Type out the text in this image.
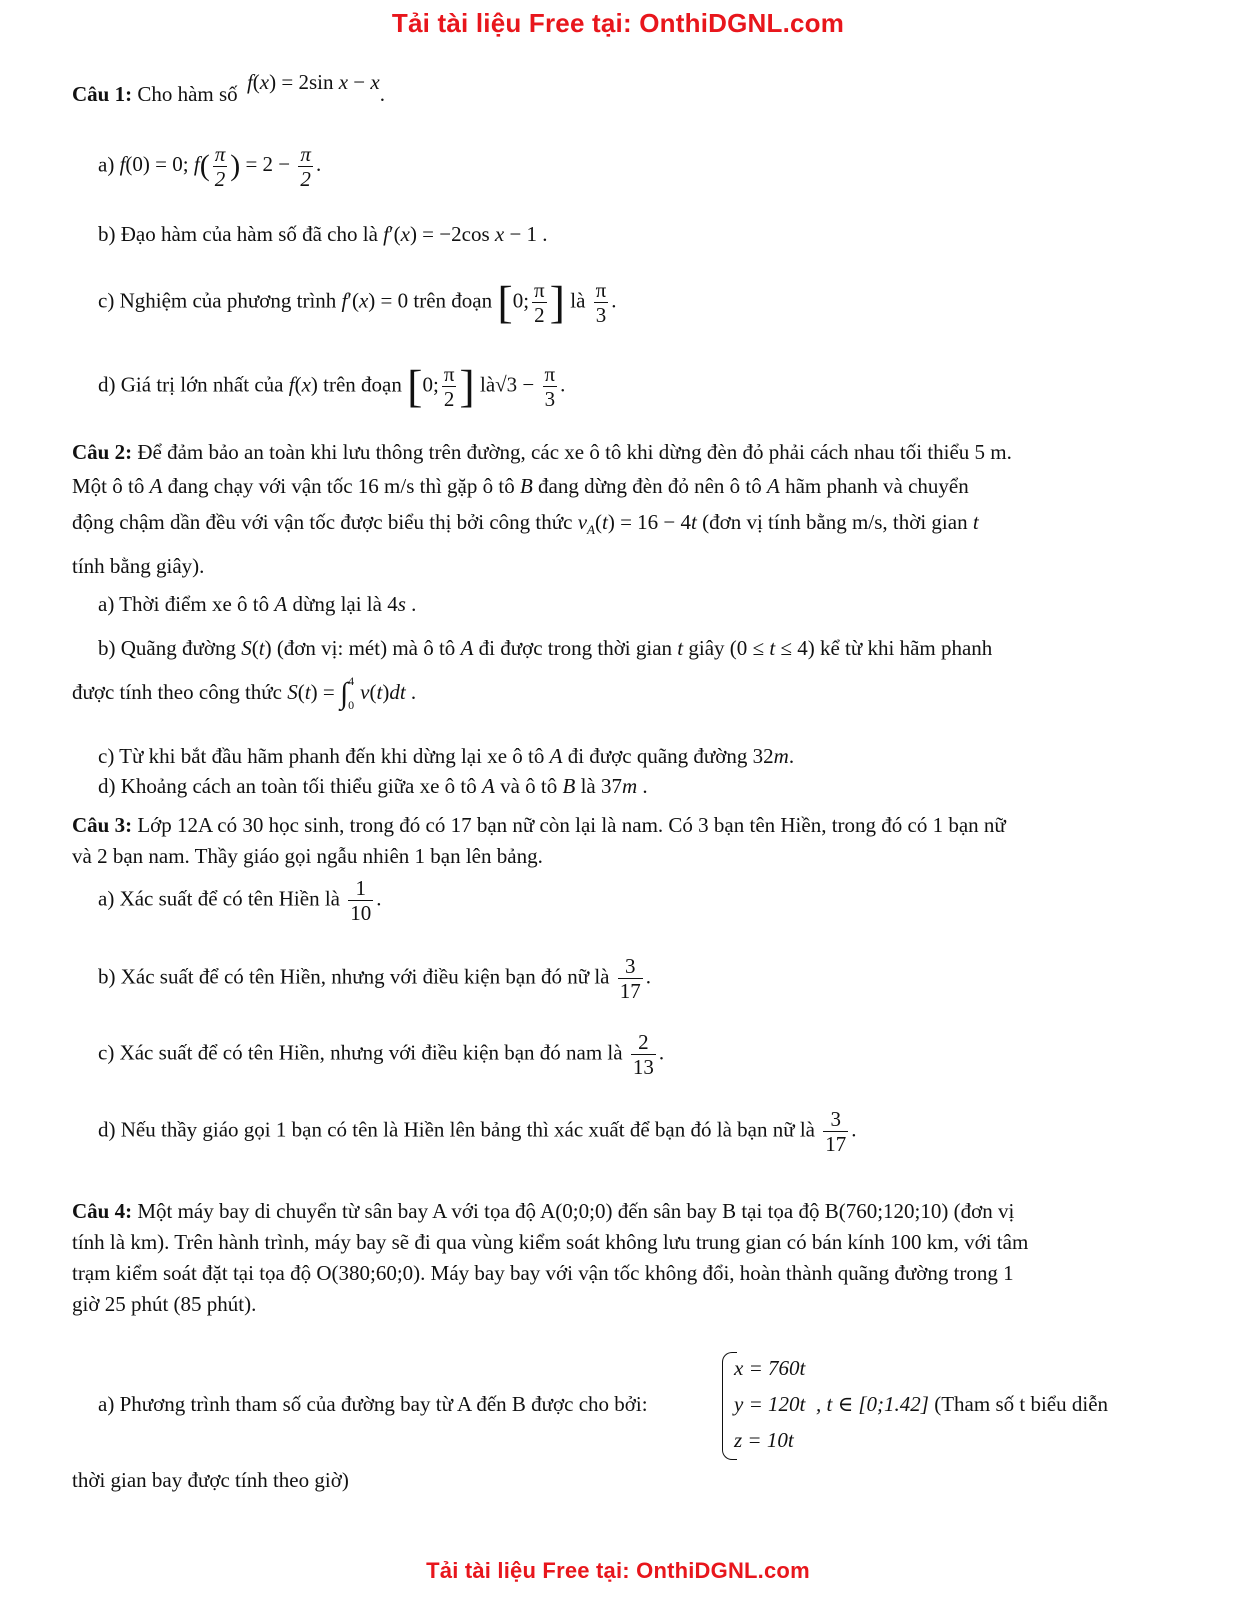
Tải tài liệu Free tại: OnthiDGNL.com
Câu 1: Cho hàm số f(x) = 2sin x − x.
a) f(0) = 0; $f( \frac{\pi}{2}$ ) = $2 - \frac{\pi}{2}$ .
b) Đạo hàm của hàm số đã cho là f′(x) = −2cos x − 1 .
c) Nghiệm của phương trình f′(x) = 0 trên đoạn [0; $\frac{\pi}{2}$ ] là $\frac{\pi}{3}$ .
d) Giá trị lớn nhất của f(x) trên đoạn [0; $\frac{\pi}{2}$ ] là√3 − $\frac{\pi}{3}$ .
Câu 2: Để đảm bảo an toàn khi lưu thông trên đường, các xe ô tô khi dừng đèn đỏ phải cách nhau tối thiểu 5 m.
Một ô tô A đang chạy với vận tốc 16 m/s thì gặp ô tô B đang dừng đèn đỏ nên ô tô A hãm phanh và chuyển
động chậm dần đều với vận tốc được biểu thị bởi công thức $v_A(t) = 16 - 4t$ (đơn vị tính bằng m/s, thời gian t
tính bằng giây).
a) Thời điểm xe ô tô A dừng lại là 4s .
b) Quãng đường S(t) (đơn vị: mét) mà ô tô A đi được trong thời gian t giây (0 ≤ t ≤ 4) kể từ khi hãm phanh
được tính theo công thức S(t) = ∫$^4_0$v(t)dt .
c) Từ khi bắt đầu hãm phanh đến khi dừng lại xe ô tô A đi được quãng đường 32m.
d) Khoảng cách an toàn tối thiểu giữa xe ô tô A và ô tô B là 37m .
Câu 3: Lớp 12A có 30 học sinh, trong đó có 17 bạn nữ còn lại là nam. Có 3 bạn tên Hiền, trong đó có 1 bạn nữ
và 2 bạn nam. Thầy giáo gọi ngẫu nhiên 1 bạn lên bảng.
a) Xác suất để có tên Hiền là $\frac{1}{10}$ .
b) Xác suất để có tên Hiền, nhưng với điều kiện bạn đó nữ là $\frac{3}{17}$ .
c) Xác suất để có tên Hiền, nhưng với điều kiện bạn đó nam là $\frac{2}{13}$ .
d) Nếu thầy giáo gọi 1 bạn có tên là Hiền lên bảng thì xác xuất để bạn đó là bạn nữ là $\frac{3}{17}$ .
Câu 4: Một máy bay di chuyển từ sân bay A với tọa độ A(0;0;0) đến sân bay B tại tọa độ B(760;120;10) (đơn vị
tính là km). Trên hành trình, máy bay sẽ đi qua vùng kiểm soát không lưu trung gian có bán kính 100 km, với tâm
trạm kiểm soát đặt tại tọa độ O(380;60;0). Máy bay bay với vận tốc không đổi, hoàn thành quãng đường trong 1
giờ 25 phút (85 phút).
a) Phương trình tham số của đường bay từ A đến B được cho bởi:
x = 760t
y = 120t
z = 10t
, t ∈ [0;1.42] (Tham số t biểu diễn
thời gian bay được tính theo giờ)
Tải tài liệu Free tại: OnthiDGNL.com
